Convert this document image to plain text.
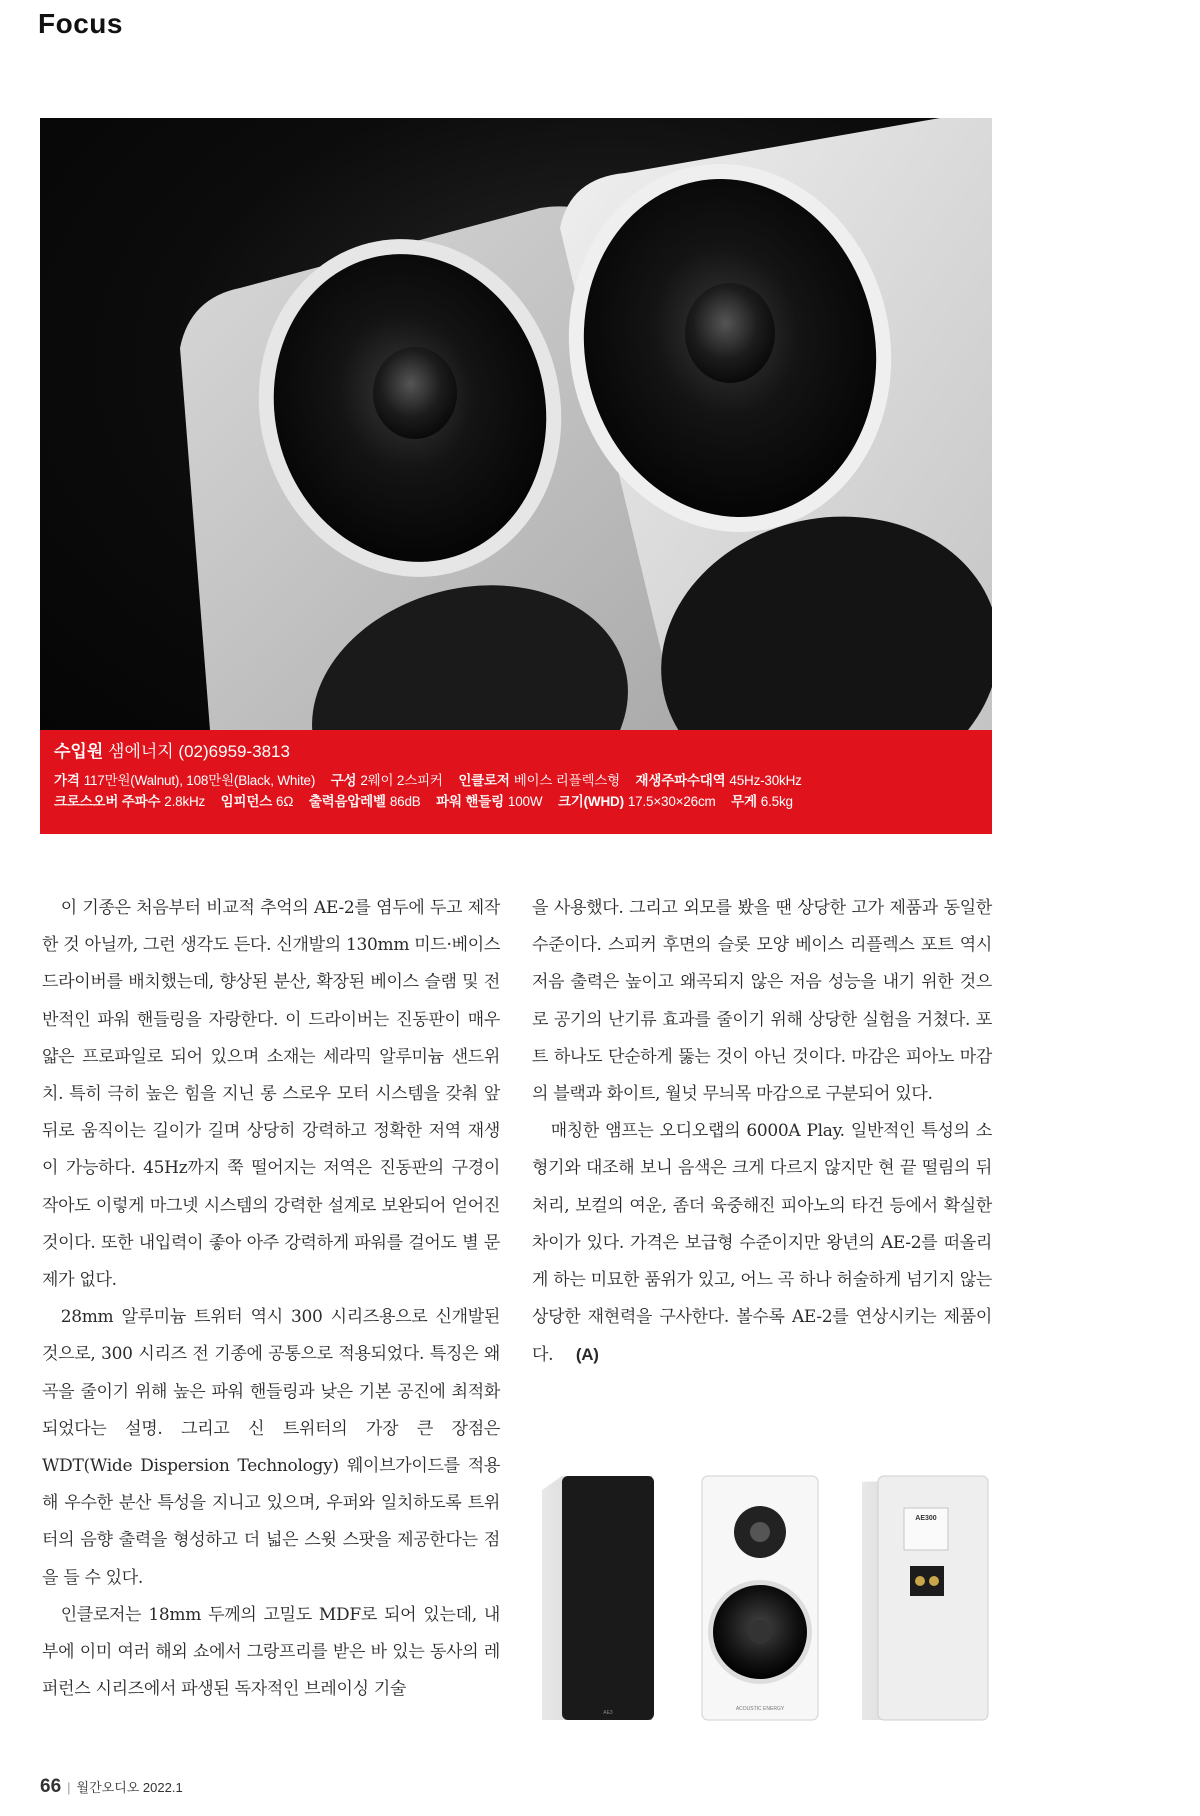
Focus
수입원 샘에너지 (02)6959-3813
가격 117만원(Walnut), 108만원(Black, White) 구성 2웨이 2스피커 인클로저 베이스 리플렉스형 재생주파수대역 45Hz-30kHz
크로스오버 주파수 2.8kHz 임피던스 6Ω 출력음압레벨 86dB 파워 핸들링 100W 크기(WHD) 17.5×30×26cm 무게 6.5kg

이 기종은 처음부터 비교적 추억의 AE-2를 염두에 두고 제작한 것 아닐까, 그런 생각도 든다. 신개발의 130mm 미드·베이스 드라이버를 배치했는데, 향상된 분산, 확장된 베이스 슬램 및 전반적인 파워 핸들링을 자랑한다. 이 드라이버는 진동판이 매우 얇은 프로파일로 되어 있으며 소재는 세라믹 알루미늄 샌드위치. 특히 극히 높은 힘을 지닌 롱 스로우 모터 시스템을 갖춰 앞뒤로 움직이는 길이가 길며 상당히 강력하고 정확한 저역 재생이 가능하다. 45Hz까지 쭉 떨어지는 저역은 진동판의 구경이 작아도 이렇게 마그넷 시스템의 강력한 설계로 보완되어 얻어진 것이다. 또한 내입력이 좋아 아주 강력하게 파워를 걸어도 별 문제가 없다.

28mm 알루미늄 트위터 역시 300 시리즈용으로 신개발된 것으로, 300 시리즈 전 기종에 공통으로 적용되었다. 특징은 왜곡을 줄이기 위해 높은 파워 핸들링과 낮은 기본 공진에 최적화되었다는 설명. 그리고 신 트위터의 가장 큰 장점은 WDT(Wide Dispersion Technology) 웨이브가이드를 적용해 우수한 분산 특성을 지니고 있으며, 우퍼와 일치하도록 트위터의 음향 출력을 형성하고 더 넓은 스윗 스팟을 제공한다는 점을 들 수 있다.

인클로저는 18mm 두께의 고밀도 MDF로 되어 있는데, 내부에 이미 여러 해외 쇼에서 그랑프리를 받은 바 있는 동사의 레퍼런스 시리즈에서 파생된 독자적인 브레이싱 기술

을 사용했다. 그리고 외모를 봤을 땐 상당한 고가 제품과 동일한 수준이다. 스피커 후면의 슬롯 모양 베이스 리플렉스 포트 역시 저음 출력은 높이고 왜곡되지 않은 저음 성능을 내기 위한 것으로 공기의 난기류 효과를 줄이기 위해 상당한 실험을 거쳤다. 포트 하나도 단순하게 뚫는 것이 아닌 것이다. 마감은 피아노 마감의 블랙과 화이트, 월넛 무늬목 마감으로 구분되어 있다.

매칭한 앰프는 오디오랩의 6000A Play. 일반적인 특성의 소형기와 대조해 보니 음색은 크게 다르지 않지만 현 끝 떨림의 뒤처리, 보컬의 여운, 좀더 육중해진 피아노의 타건 등에서 확실한 차이가 있다. 가격은 보급형 수준이지만 왕년의 AE-2를 떠올리게 하는 미묘한 품위가 있고, 어느 곡 하나 허술하게 넘기지 않는 상당한 재현력을 구사한다. 볼수록 AE-2를 연상시키는 제품이다. (A)

AE3
ACOUSTIC ENERGY
AE300
66 | 월간오디오 2022.1
